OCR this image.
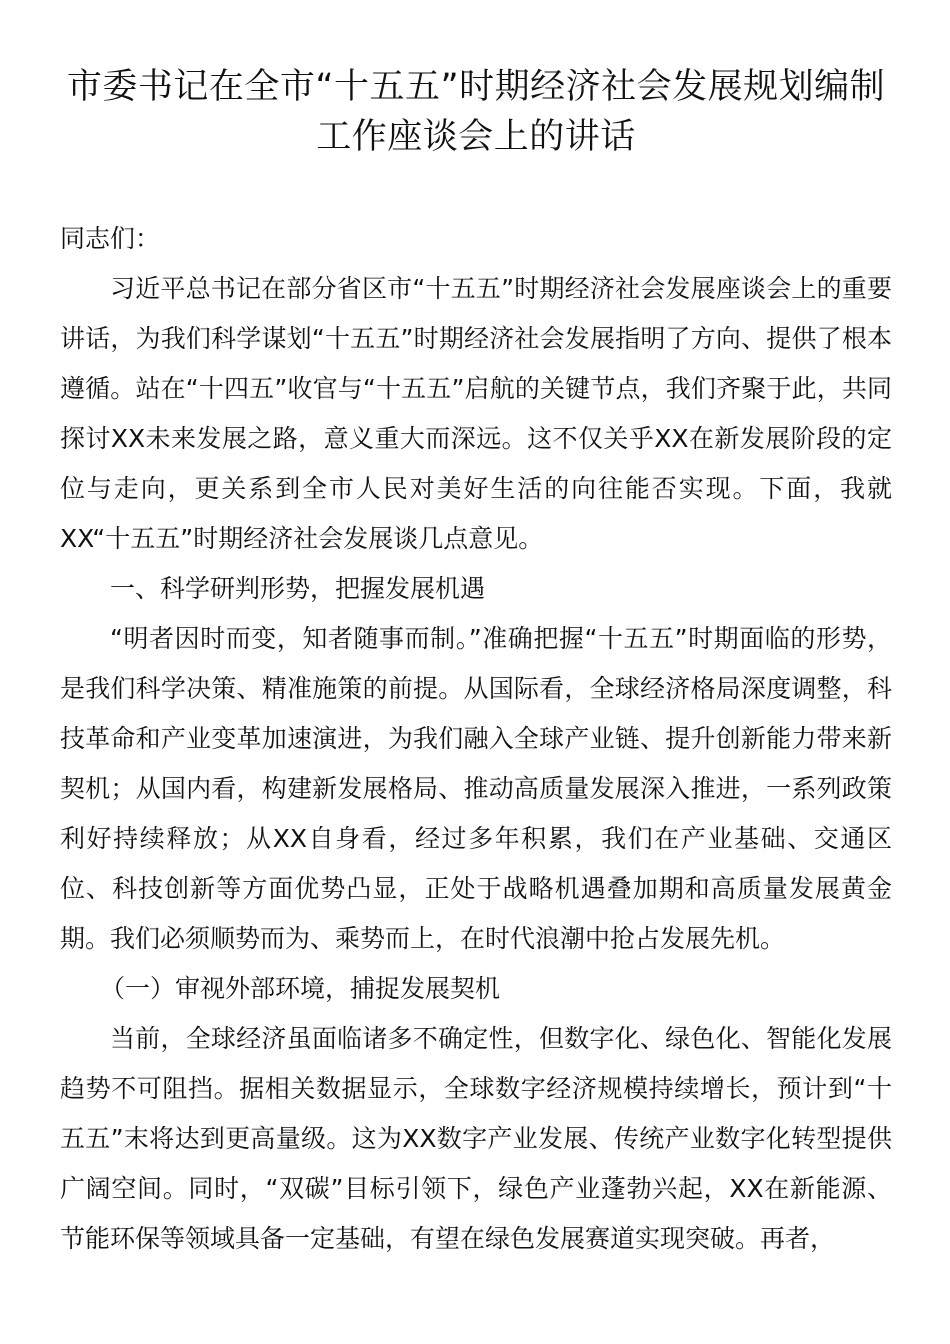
市委书记在全市“十五五”时期经济社会发展规划编制工作座谈会上的讲话

同志们：

习近平总书记在部分省区市“十五五”时期经济社会发展座谈会上的重要讲话，为我们科学谋划“十五五”时期经济社会发展指明了方向、提供了根本遵循。站在“十四五”收官与“十五五”启航的关键节点，我们齐聚于此，共同探讨XX未来发展之路，意义重大而深远。这不仅关乎XX在新发展阶段的定位与走向，更关系到全市人民对美好生活的向往能否实现。下面，我就XX“十五五”时期经济社会发展谈几点意见。

一、科学研判形势，把握发展机遇

“明者因时而变，知者随事而制。”准确把握“十五五”时期面临的形势，是我们科学决策、精准施策的前提。从国际看，全球经济格局深度调整，科技革命和产业变革加速演进，为我们融入全球产业链、提升创新能力带来新契机；从国内看，构建新发展格局、推动高质量发展深入推进，一系列政策利好持续释放；从XX自身看，经过多年积累，我们在产业基础、交通区位、科技创新等方面优势凸显，正处于战略机遇叠加期和高质量发展黄金期。我们必须顺势而为、乘势而上，在时代浪潮中抢占发展先机。

（一）审视外部环境，捕捉发展契机

当前，全球经济虽面临诸多不确定性，但数字化、绿色化、智能化发展趋势不可阻挡。据相关数据显示，全球数字经济规模持续增长，预计到“十五五”末将达到更高量级。这为XX数字产业发展、传统产业数字化转型提供广阔空间。同时，“双碳”目标引领下，绿色产业蓬勃兴起，XX在新能源、节能环保等领域具备一定基础，有望在绿色发展赛道实现突破。再者，
